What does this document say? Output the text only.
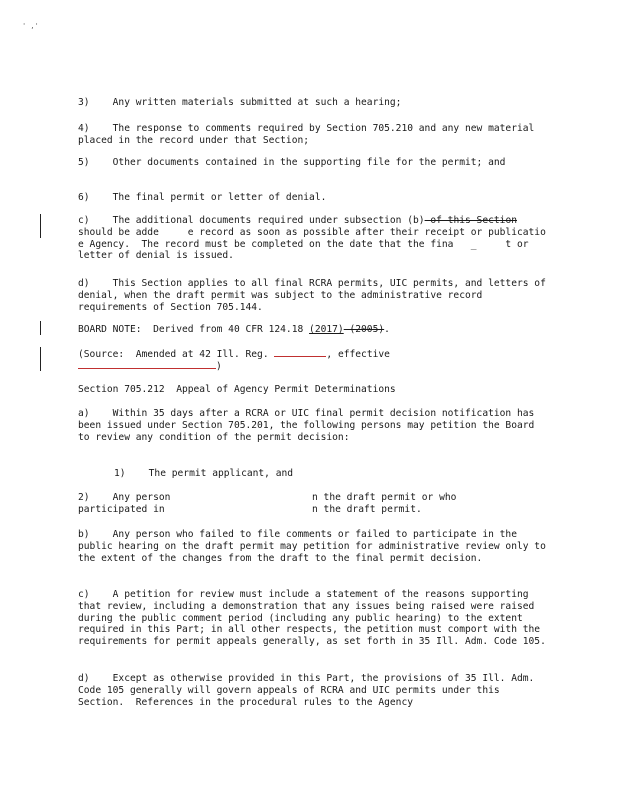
' ,'

3)    Any written materials submitted at such a hearing;

4)    The response to comments required by Section 705.210 and any new material placed in the record under that Section;

5)    Other documents contained in the supporting file for the permit; and

6)    The final permit or letter of denial.

c)    The additional documents required under subsection (b) of this Section should be adde     e record as soon as possible after their receipt or publicatio       e Agency.  The record must be completed on the date that the fina   _     t or letter of denial is issued.

d)    This Section applies to all final RCRA permits, UIC permits, and letters of denial, when the draft permit was subject to the administrative record requirements of Section 705.144.

BOARD NOTE:  Derived from 40 CFR 124.18 (2017) (2005).

(Source:  Amended at 42 Ill. Reg.	, effective
)

Section 705.212  Appeal of Agency Permit Determinations

a)    Within 35 days after a RCRA or UIC final permit decision notification has been issued under Section 705.201, the following persons may petition the Board to review any condition of the permit decision:

1)    The permit applicant, and

2)    Any person	n the draft permit or who
participated in	n the draft permit.

b)    Any person who failed to file comments or failed to participate in the public hearing on the draft permit may petition for administrative review only to the extent of the changes from the draft to the final permit decision.

c)    A petition for review must include a statement of the reasons supporting that review, including a demonstration that any issues being raised were raised during the public comment period (including any public hearing) to the extent required in this Part; in all other respects, the petition must comport with the requirements for permit appeals generally, as set forth in 35 Ill. Adm. Code 105.

d)    Except as otherwise provided in this Part, the provisions of 35 Ill. Adm. Code 105 generally will govern appeals of RCRA and UIC permits under this Section.  References in the procedural rules to the Agency
